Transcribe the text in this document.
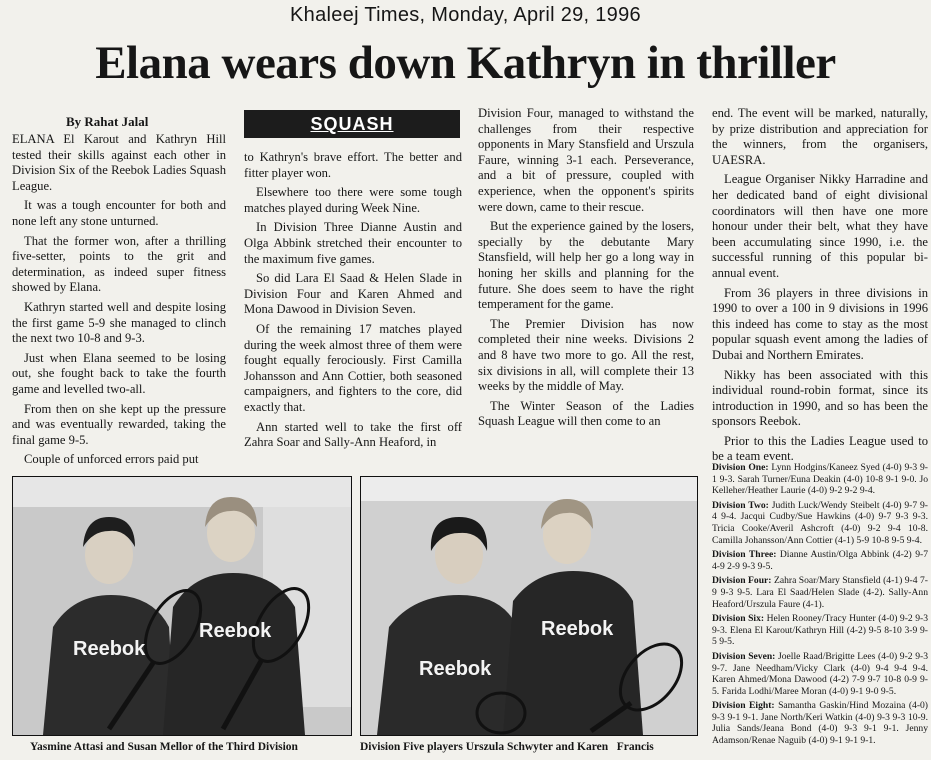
Khaleej Times, Monday, April 29, 1996
Elana wears down Kathryn in thriller
By Rahat Jalal	SQUASH

ELANA El Karout and Kathryn Hill tested their skills against each other in Division Six of the Reebok Ladies Squash League.

It was a tough encounter for both and none left any stone unturned.

That the former won, after a thrilling five-setter, points to the grit and determination, as indeed super fitness showed by Elana.

Kathryn started well and despite losing the first game 5-9 she managed to clinch the next two 10-8 and 9-3.

Just when Elana seemed to be losing out, she fought back to take the fourth game and levelled two-all.

From then on she kept up the pressure and was eventually rewarded, taking the final game 9-5.

Couple of unforced errors paid put

to Kathryn's brave effort. The better and fitter player won.

Elsewhere too there were some tough matches played during Week Nine.

In Division Three Dianne Austin and Olga Abbink stretched their encounter to the maximum five games.

So did Lara El Saad & Helen Slade in Division Four and Karen Ahmed and Mona Dawood in Division Seven.

Of the remaining 17 matches played during the week almost three of them were fought equally ferociously. First Camilla Johansson and Ann Cottier, both seasoned campaigners, and fighters to the core, did exactly that.

Ann started well to take the first off Zahra Soar and Sally-Ann Heaford, in

Division Four, managed to withstand the challenges from their respective opponents in Mary Stansfield and Urszula Faure, winning 3-1 each. Perseverance, and a bit of pressure, coupled with experience, when the opponent's spirits were down, came to their rescue.

But the experience gained by the losers, specially by the debutante Mary Stansfield, will help her go a long way in honing her skills and planning for the future. She does seem to have the right temperament for the game.

The Premier Division has now completed their nine weeks. Divisions 2 and 8 have two more to go. All the rest, six divisions in all, will complete their 13 weeks by the middle of May.

The Winter Season of the Ladies Squash League will then come to an

end. The event will be marked, naturally, by prize distribution and appreciation for the winners, from the organisers, UAESRA.

League Organiser Nikky Harradine and her dedicated band of eight divisional coordinators will then have one more honour under their belt, what they have been accumulating since 1990, i.e. the successful running of this popular bi-annual event.

From 36 players in three divisions in 1990 to over a 100 in 9 divisions in 1996 this indeed has come to stay as the most popular squash event among the ladies of Dubai and Northern Emirates.

Nikky has been associated with this individual round-robin format, since its introduction in 1990, and so has been the sponsors Reebok.

Prior to this the Ladies League used to be a team event.

Division One: Lynn Hodgins/Kaneez Syed (4-0) 9-3 9-1 9-3. Sarah Turner/Euna Deakin (4-0) 10-8 9-1 9-0. Jo Kelleher/Heather Laurie (4-0) 9-2 9-2 9-4.

Division Two: Judith Luck/Wendy Steibelt (4-0) 9-7 9-4 9-4. Jacqui Cudby/Sue Hawkins (4-0) 9-7 9-3 9-3. Tricia Cooke/Averil Ashcroft (4-0) 9-2 9-4 10-8. Camilla Johansson/Ann Cottier (4-1) 5-9 10-8 9-5 9-4.

Division Three: Dianne Austin/Olga Abbink (4-2) 9-7 4-9 2-9 9-3 9-5.

Division Four: Zahra Soar/Mary Stansfield (4-1) 9-4 7-9 9-3 9-5. Lara El Saad/Helen Slade (4-2). Sally-Ann Heaford/Urszula Faure (4-1).

Division Six: Helen Rooney/Tracy Hunter (4-0) 9-2 9-3 9-3. Elena El Karout/Kathryn Hill (4-2) 9-5 8-10 3-9 9-5 9-5.

Division Seven: Joelle Raad/Brigitte Lees (4-0) 9-2 9-3 9-7. Jane Needham/Vicky Clark (4-0) 9-4 9-4 9-4. Karen Ahmed/Mona Dawood (4-2) 7-9 9-7 10-8 0-9 9-5. Farida Lodhi/Maree Moran (4-0) 9-1 9-0 9-5.

Division Eight: Samantha Gaskin/Hind Mozaina (4-0) 9-3 9-1 9-1. Jane North/Keri Watkin (4-0) 9-3 9-3 10-9. Julia Sands/Jeana Bond (4-0) 9-3 9-1 9-1. Jenny Adamson/Renae Naguib (4-0) 9-1 9-1 9-1.

Reebok
Reebok
Yasmine Attasi and Susan Mellor of the Third Division
Reebok
Reebok
Division Five players Urszula Schwyter and Karen   Francis
